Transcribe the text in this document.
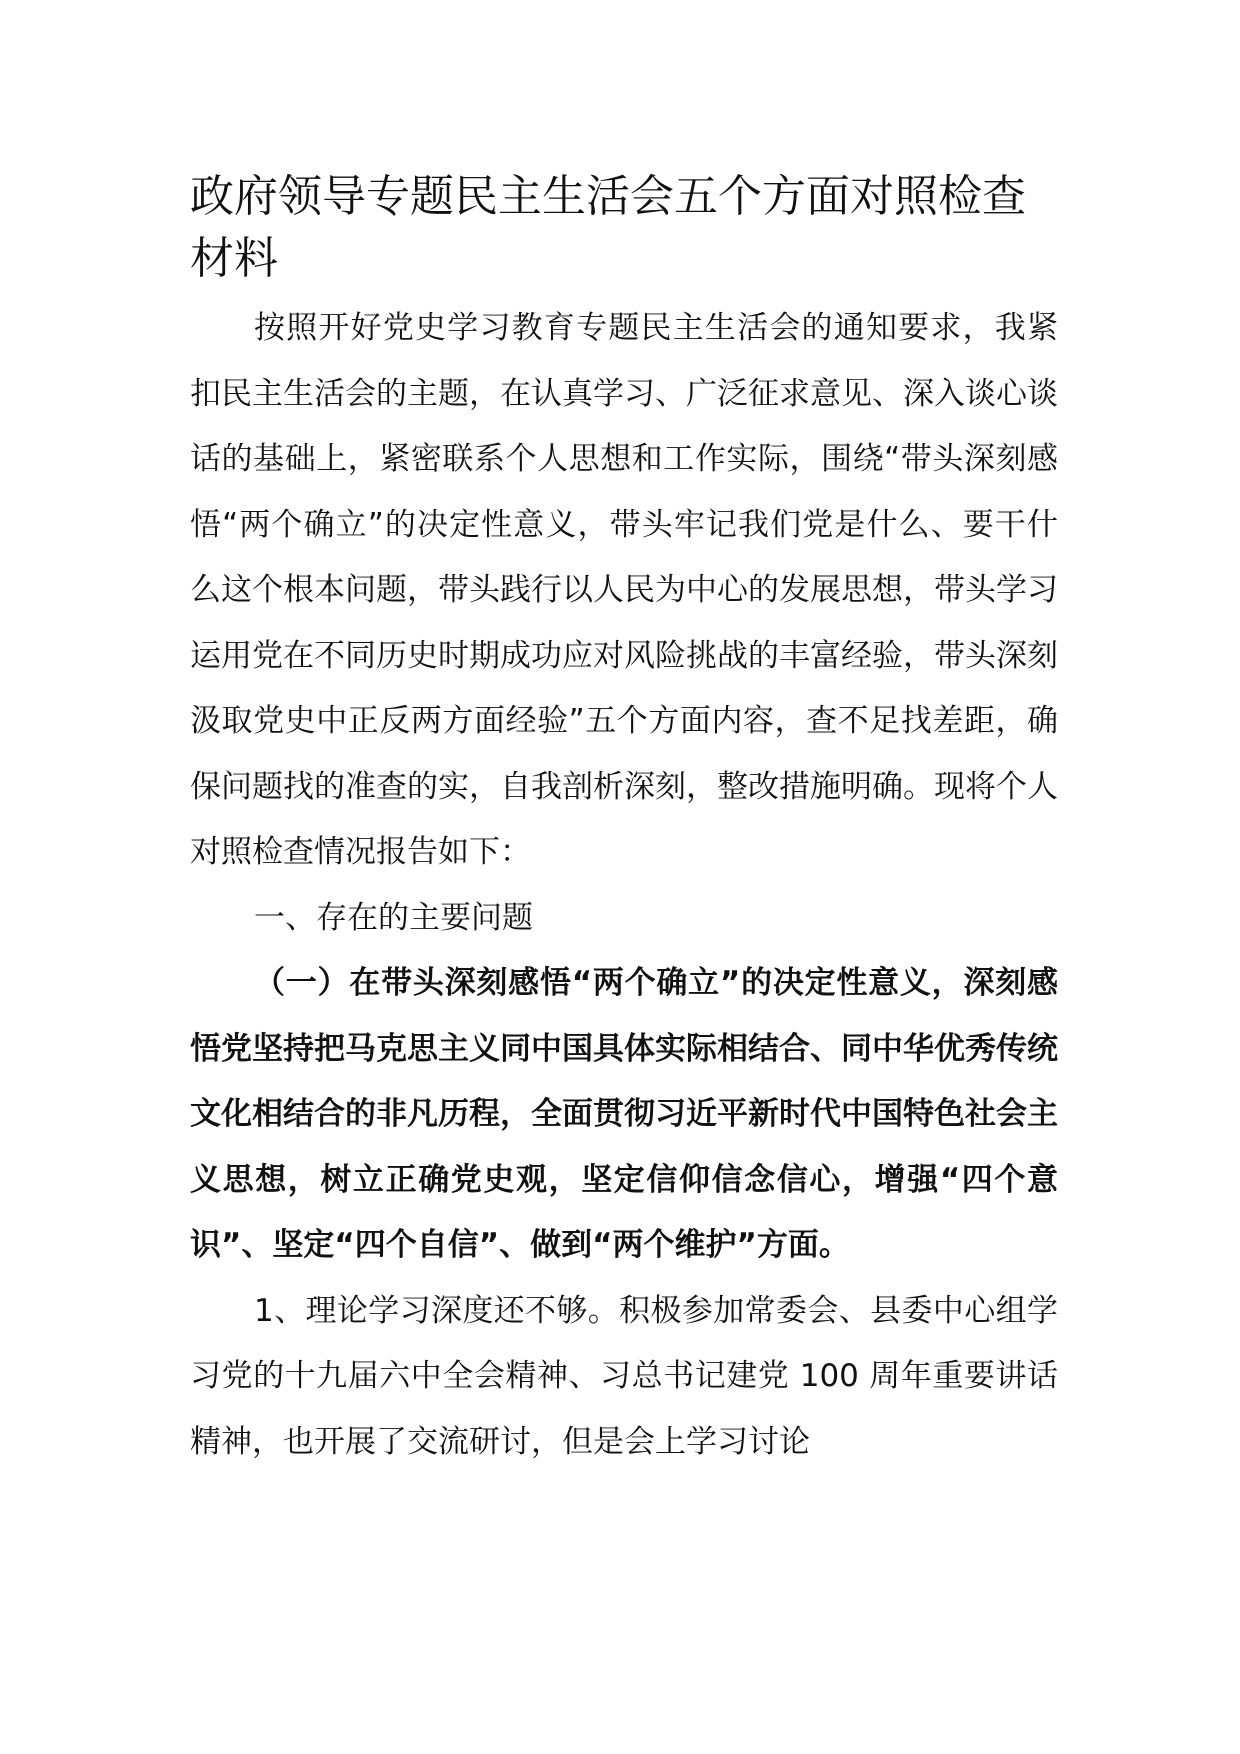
政府领导专题民主生活会五个方面对照检查材料

按照开好党史学习教育专题民主生活会的通知要求，我紧扣民主生活会的主题，在认真学习、广泛征求意见、深入谈心谈话的基础上，紧密联系个人思想和工作实际，围绕“带头深刻感悟“两个确立”的决定性意义，带头牢记我们党是什么、要干什么这个根本问题，带头践行以人民为中心的发展思想，带头学习运用党在不同历史时期成功应对风险挑战的丰富经验，带头深刻汲取党史中正反两方面经验”五个方面内容，查不足找差距，确保问题找的准查的实，自我剖析深刻，整改措施明确。现将个人对照检查情况报告如下：

一、存在的主要问题

（一）在带头深刻感悟“两个确立”的决定性意义，深刻感悟党坚持把马克思主义同中国具体实际相结合、同中华优秀传统文化相结合的非凡历程，全面贯彻习近平新时代中国特色社会主义思想，树立正确党史观，坚定信仰信念信心，增强“四个意识”、坚定“四个自信”、做到“两个维护”方面。

1、理论学习深度还不够。积极参加常委会、县委中心组学习党的十九届六中全会精神、习总书记建党 100 周年重要讲话精神，也开展了交流研讨，但是会上学习讨论
